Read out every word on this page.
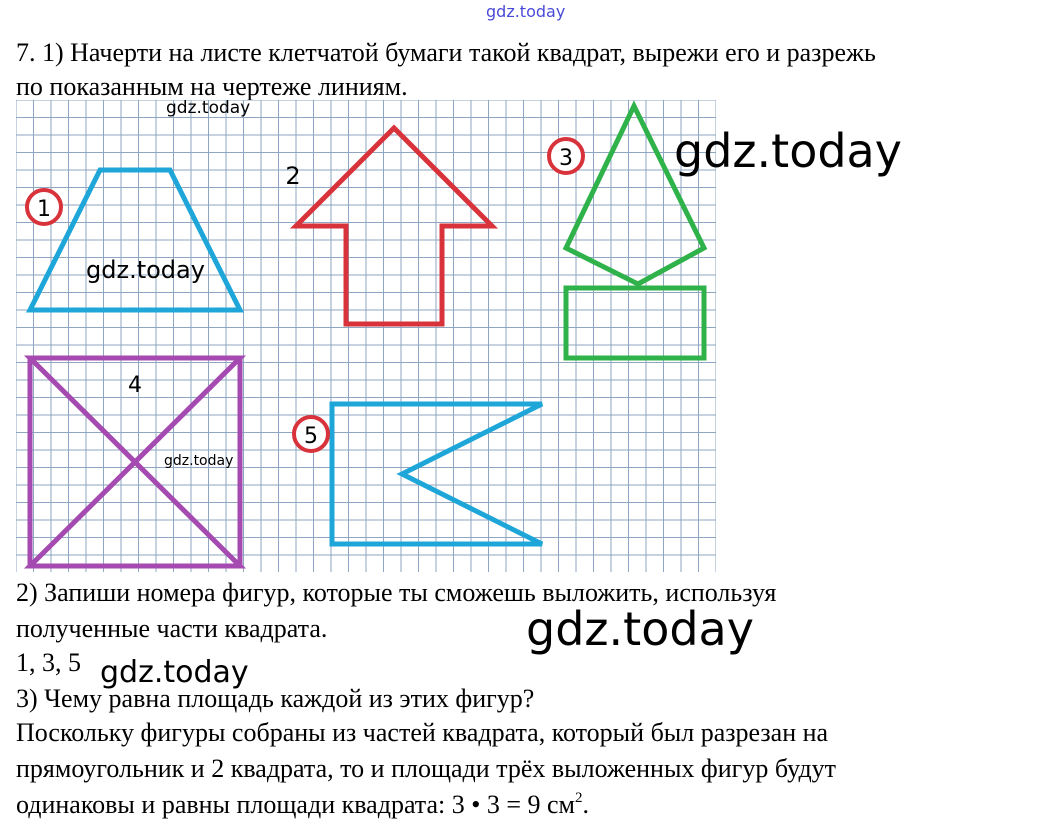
gdz.today
7. 1) Начерти на листе клетчатой бумаги такой квадрат, вырежи его и разрежь
по показанным на чертеже линиям.
1
2
3
4
5
gdz.today
gdz.today
gdz.today
gdz.today
2) Запиши номера фигур, которые ты сможешь выложить, используя
полученные части квадрата.	gdz.today
1, 3, 5 gdz.today
3) Чему равна площадь каждой из этих фигур?
Поскольку фигуры собраны из частей квадрата, который был разрезан на
прямоугольник и 2 квадрата, то и площади трёх выложенных фигур будут
одинаковы и равны площади квадрата: 3 • 3 = 9 $см^2$.
